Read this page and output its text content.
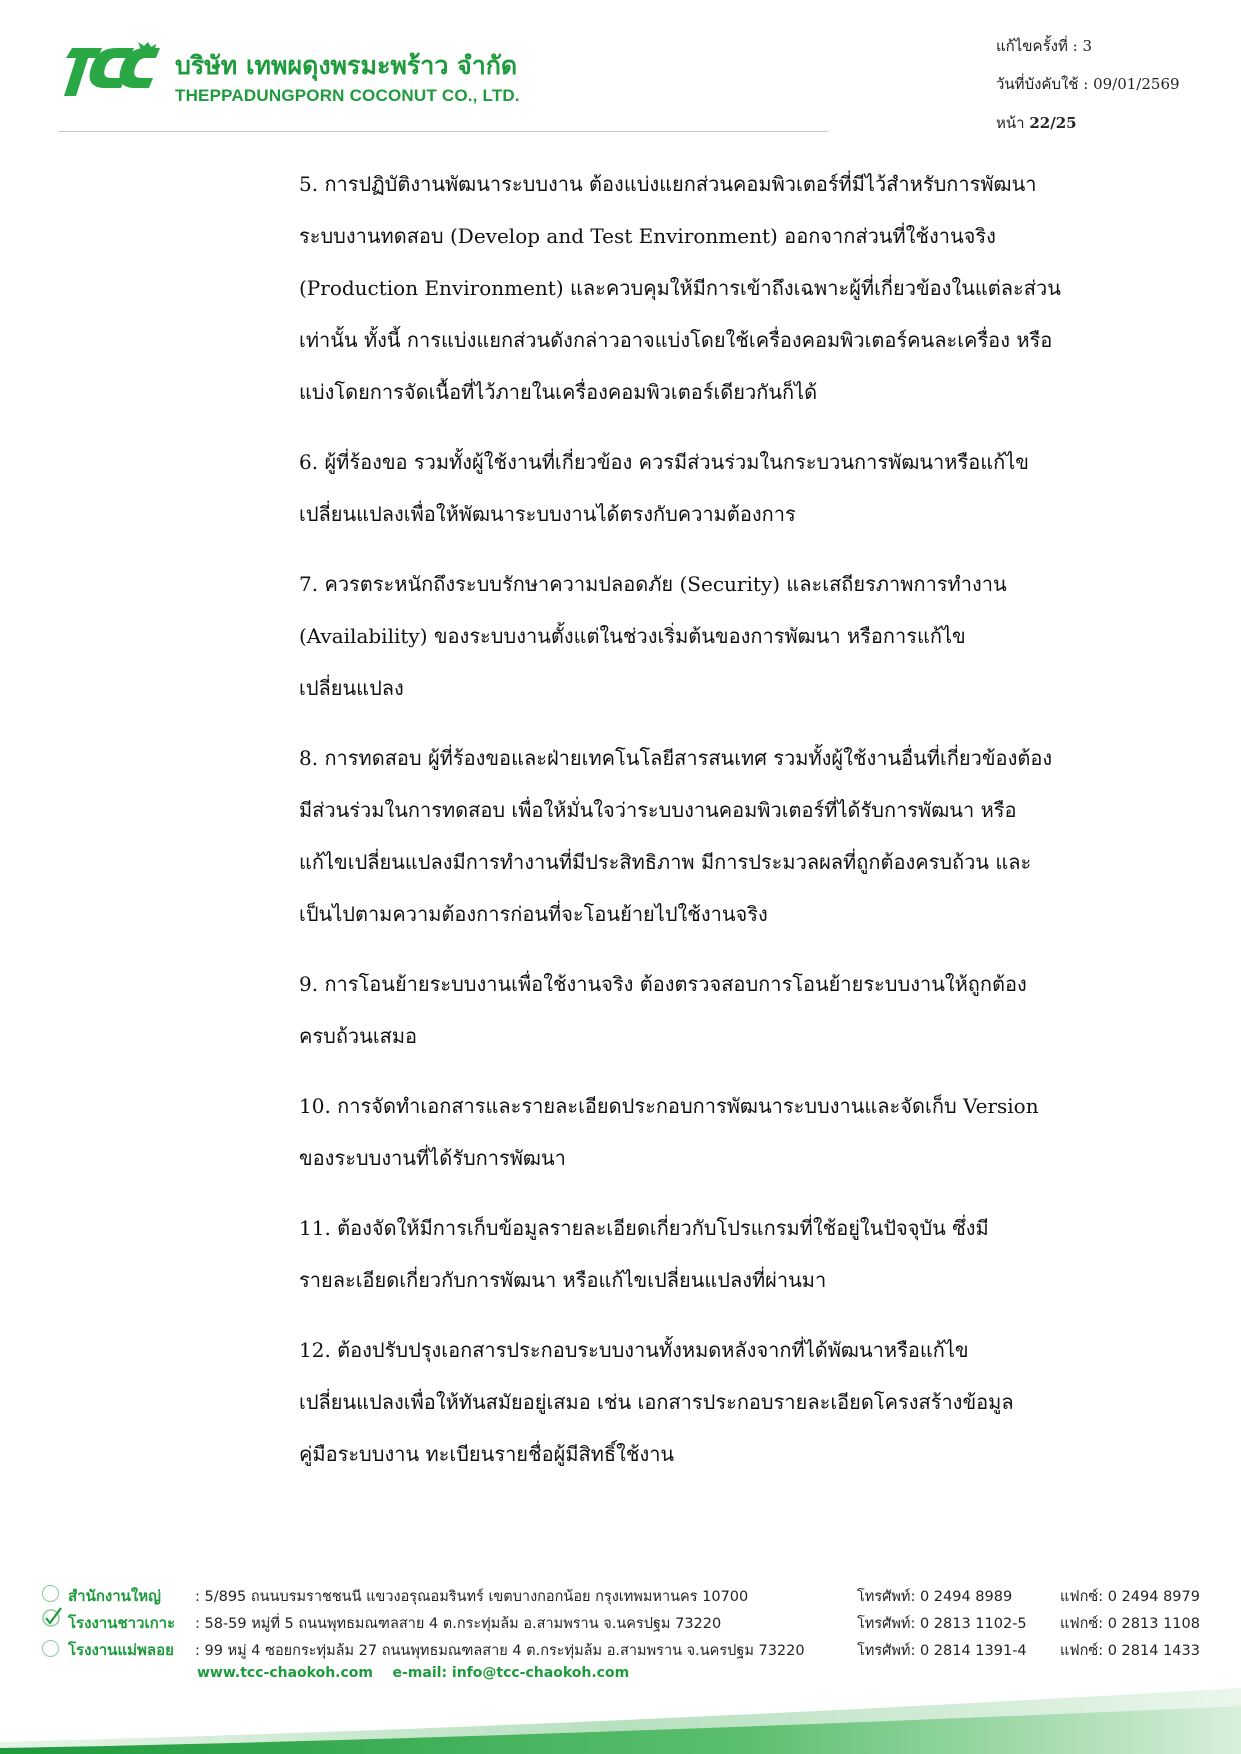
TCC
บริษัท เทพผดุงพรมะพร้าว จำกัด
THEPPADUNGPORN COCONUT CO., LTD.
แก้ไขครั้งที่ : 3
วันที่บังคับใช้ : 09/01/2569
หน้า 22/25
5. การปฏิบัติงานพัฒนาระบบงาน ต้องแบ่งแยกส่วนคอมพิวเตอร์ที่มีไว้สำหรับการพัฒนา
ระบบงานทดสอบ (Develop and Test Environment) ออกจากส่วนที่ใช้งานจริง
(Production Environment) และควบคุมให้มีการเข้าถึงเฉพาะผู้ที่เกี่ยวข้องในแต่ละส่วน
เท่านั้น ทั้งนี้ การแบ่งแยกส่วนดังกล่าวอาจแบ่งโดยใช้เครื่องคอมพิวเตอร์คนละเครื่อง หรือ
แบ่งโดยการจัดเนื้อที่ไว้ภายในเครื่องคอมพิวเตอร์เดียวกันก็ได้
6. ผู้ที่ร้องขอ รวมทั้งผู้ใช้งานที่เกี่ยวข้อง ควรมีส่วนร่วมในกระบวนการพัฒนาหรือแก้ไข
เปลี่ยนแปลงเพื่อให้พัฒนาระบบงานได้ตรงกับความต้องการ
7. ควรตระหนักถึงระบบรักษาความปลอดภัย (Security) และเสถียรภาพการทำงาน
(Availability) ของระบบงานตั้งแต่ในช่วงเริ่มต้นของการพัฒนา หรือการแก้ไข
เปลี่ยนแปลง
8. การทดสอบ ผู้ที่ร้องขอและฝ่ายเทคโนโลยีสารสนเทศ รวมทั้งผู้ใช้งานอื่นที่เกี่ยวข้องต้อง
มีส่วนร่วมในการทดสอบ เพื่อให้มั่นใจว่าระบบงานคอมพิวเตอร์ที่ได้รับการพัฒนา หรือ
แก้ไขเปลี่ยนแปลงมีการทำงานที่มีประสิทธิภาพ มีการประมวลผลที่ถูกต้องครบถ้วน และ
เป็นไปตามความต้องการก่อนที่จะโอนย้ายไปใช้งานจริง
9. การโอนย้ายระบบงานเพื่อใช้งานจริง ต้องตรวจสอบการโอนย้ายระบบงานให้ถูกต้อง
ครบถ้วนเสมอ
10. การจัดทำเอกสารและรายละเอียดประกอบการพัฒนาระบบงานและจัดเก็บ Version
ของระบบงานที่ได้รับการพัฒนา
11. ต้องจัดให้มีการเก็บข้อมูลรายละเอียดเกี่ยวกับโปรแกรมที่ใช้อยู่ในปัจจุบัน ซึ่งมี
รายละเอียดเกี่ยวกับการพัฒนา หรือแก้ไขเปลี่ยนแปลงที่ผ่านมา
12. ต้องปรับปรุงเอกสารประกอบระบบงานทั้งหมดหลังจากที่ได้พัฒนาหรือแก้ไข
เปลี่ยนแปลงเพื่อให้ทันสมัยอยู่เสมอ เช่น เอกสารประกอบรายละเอียดโครงสร้างข้อมูล
คู่มือระบบงาน ทะเบียนรายชื่อผู้มีสิทธิ์ใช้งาน
สำนักงานใหญ่
โรงงานชาวเกาะ
โรงงานแม่พลอย
: 5/895 ถนนบรมราชชนนี แขวงอรุณอมรินทร์ เขตบางกอกน้อย กรุงเทพมหานคร 10700
: 58-59 หมู่ที่ 5 ถนนพุทธมณฑลสาย 4 ต.กระทุ่มล้ม อ.สามพราน จ.นครปฐม 73220
: 99 หมู่ 4 ซอยกระทุ่มล้ม 27 ถนนพุทธมณฑลสาย 4 ต.กระทุ่มล้ม อ.สามพราน จ.นครปฐม 73220
โทรศัพท์: 0 2494 8989
โทรศัพท์: 0 2813 1102-5
โทรศัพท์: 0 2814 1391-4
แฟกซ์: 0 2494 8979
แฟกซ์: 0 2813 1108
แฟกซ์: 0 2814 1433
www.tcc-chaokoh.com e-mail: info@tcc-chaokoh.com
